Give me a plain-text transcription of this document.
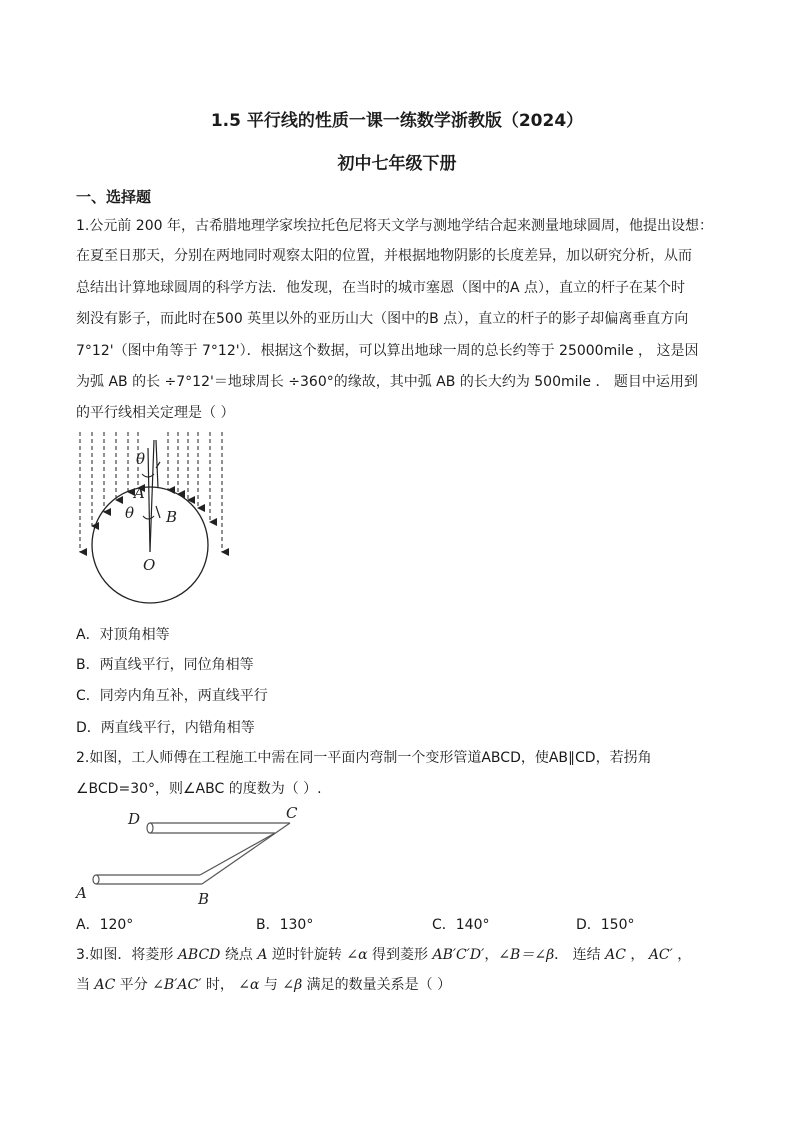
1.5 平行线的性质一课一练数学浙教版（2024）
初中七年级下册
一、选择题
1.公元前 200 年，古希腊地理学家埃拉托色尼将天文学与测地学结合起来测量地球圆周，他提出设想：
在夏至日那天，分别在两地同时观察太阳的位置，并根据地物阴影的长度差异，加以研究分析，从而
总结出计算地球圆周的科学方法．他发现，在当时的城市塞恩（图中的A 点），直立的杆子在某个时
刻没有影子，而此时在500 英里以外的亚历山大（图中的B 点），直立的杆子的影子却偏离垂直方向
7°12'（图中角等于 7°12'）．根据这个数据，可以算出地球一周的总长约等于 25000mile ， 这是因
为弧 AB 的长 ÷7°12'＝地球周长 ÷360°的缘故，其中弧 AB 的长大约为 500mile ． 题目中运用到
的平行线相关定理是（ ）
θ
θ
A
B
O
A．对顶角相等
B．两直线平行，同位角相等
C．同旁内角互补，两直线平行
D．两直线平行，内错角相等
2.如图，工人师傅在工程施工中需在同一平面内弯制一个变形管道ABCD，使AB∥CD，若拐角
∠BCD=30°，则∠ABC 的度数为（ ）.
D	C
A	B
A．120°	B．130°	C．140°	D．150°
3.如图．将菱形 ABCD 绕点 A 逆时针旋转 ∠α 得到菱形 AB′C′D′，∠B＝∠β． 连结 AC ， AC′ ，
当 AC 平分 ∠B′AC′ 时， ∠α 与 ∠β 满足的数量关系是（ ）
